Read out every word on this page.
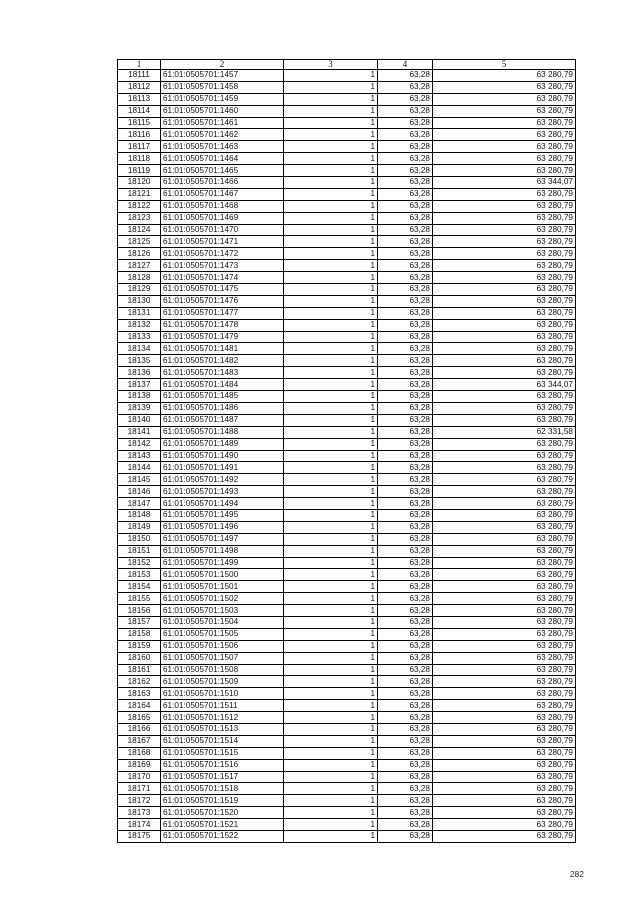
1	2	3	4	5
18111	61:01:0505701:1457	1	63,28	63 280,79
18112	61:01:0505701:1458	1	63,28	63 280,79
18113	61:01:0505701:1459	1	63,28	63 280,79
18114	61:01:0505701:1460	1	63,28	63 280,79
18115	61:01:0505701:1461	1	63,28	63 280,79
18116	61:01:0505701:1462	1	63,28	63 280,79
18117	61:01:0505701:1463	1	63,28	63 280,79
18118	61:01:0505701:1464	1	63,28	63 280,79
18119	61:01:0505701:1465	1	63,28	63 280,79
18120	61:01:0505701:1466	1	63,28	63 344,07
18121	61:01:0505701:1467	1	63,28	63 280,79
18122	61:01:0505701:1468	1	63,28	63 280,79
18123	61:01:0505701:1469	1	63,28	63 280,79
18124	61:01:0505701:1470	1	63,28	63 280,79
18125	61:01:0505701:1471	1	63,28	63 280,79
18126	61:01:0505701:1472	1	63,28	63 280,79
18127	61:01:0505701:1473	1	63,28	63 280,79
18128	61:01:0505701:1474	1	63,28	63 280,79
18129	61:01:0505701:1475	1	63,28	63 280,79
18130	61:01:0505701:1476	1	63,28	63 280,79
18131	61:01:0505701:1477	1	63,28	63 280,79
18132	61:01:0505701:1478	1	63,28	63 280,79
18133	61:01:0505701:1479	1	63,28	63 280,79
18134	61:01:0505701:1481	1	63,28	63 280,79
18135	61:01:0505701:1482	1	63,28	63 280,79
18136	61:01:0505701:1483	1	63,28	63 280,79
18137	61:01:0505701:1484	1	63,28	63 344,07
18138	61:01:0505701:1485	1	63,28	63 280,79
18139	61:01:0505701:1486	1	63,28	63 280,79
18140	61:01:0505701:1487	1	63,28	63 280,79
18141	61:01:0505701:1488	1	63,28	62 331,58
18142	61:01:0505701:1489	1	63,28	63 280,79
18143	61:01:0505701:1490	1	63,28	63 280,79
18144	61:01:0505701:1491	1	63,28	63 280,79
18145	61:01:0505701:1492	1	63,28	63 280,79
18146	61:01:0505701:1493	1	63,28	63 280,79
18147	61:01:0505701:1494	1	63,28	63 280,79
18148	61:01:0505701:1495	1	63,28	63 280,79
18149	61:01:0505701:1496	1	63,28	63 280,79
18150	61:01:0505701:1497	1	63,28	63 280,79
18151	61:01:0505701:1498	1	63,28	63 280,79
18152	61:01:0505701:1499	1	63,28	63 280,79
18153	61:01:0505701:1500	1	63,28	63 280,79
18154	61:01:0505701:1501	1	63,28	63 280,79
18155	61:01:0505701:1502	1	63,28	63 280,79
18156	61:01:0505701:1503	1	63,28	63 280,79
18157	61:01:0505701:1504	1	63,28	63 280,79
18158	61:01:0505701:1505	1	63,28	63 280,79
18159	61:01:0505701:1506	1	63,28	63 280,79
18160	61:01:0505701:1507	1	63,28	63 280,79
18161	61:01:0505701:1508	1	63,28	63 280,79
18162	61:01:0505701:1509	1	63,28	63 280,79
18163	61:01:0505701:1510	1	63,28	63 280,79
18164	61:01:0505701:1511	1	63,28	63 280,79
18165	61:01:0505701:1512	1	63,28	63 280,79
18166	61:01:0505701:1513	1	63,28	63 280,79
18167	61:01:0505701:1514	1	63,28	63 280,79
18168	61:01:0505701:1515	1	63,28	63 280,79
18169	61:01:0505701:1516	1	63,28	63 280,79
18170	61:01:0505701:1517	1	63,28	63 280,79
18171	61:01:0505701:1518	1	63,28	63 280,79
18172	61:01:0505701:1519	1	63,28	63 280,79
18173	61:01:0505701:1520	1	63,28	63 280,79
18174	61:01:0505701:1521	1	63,28	63 280,79
18175	61:01:0505701:1522	1	63,28	63 280,79
282
